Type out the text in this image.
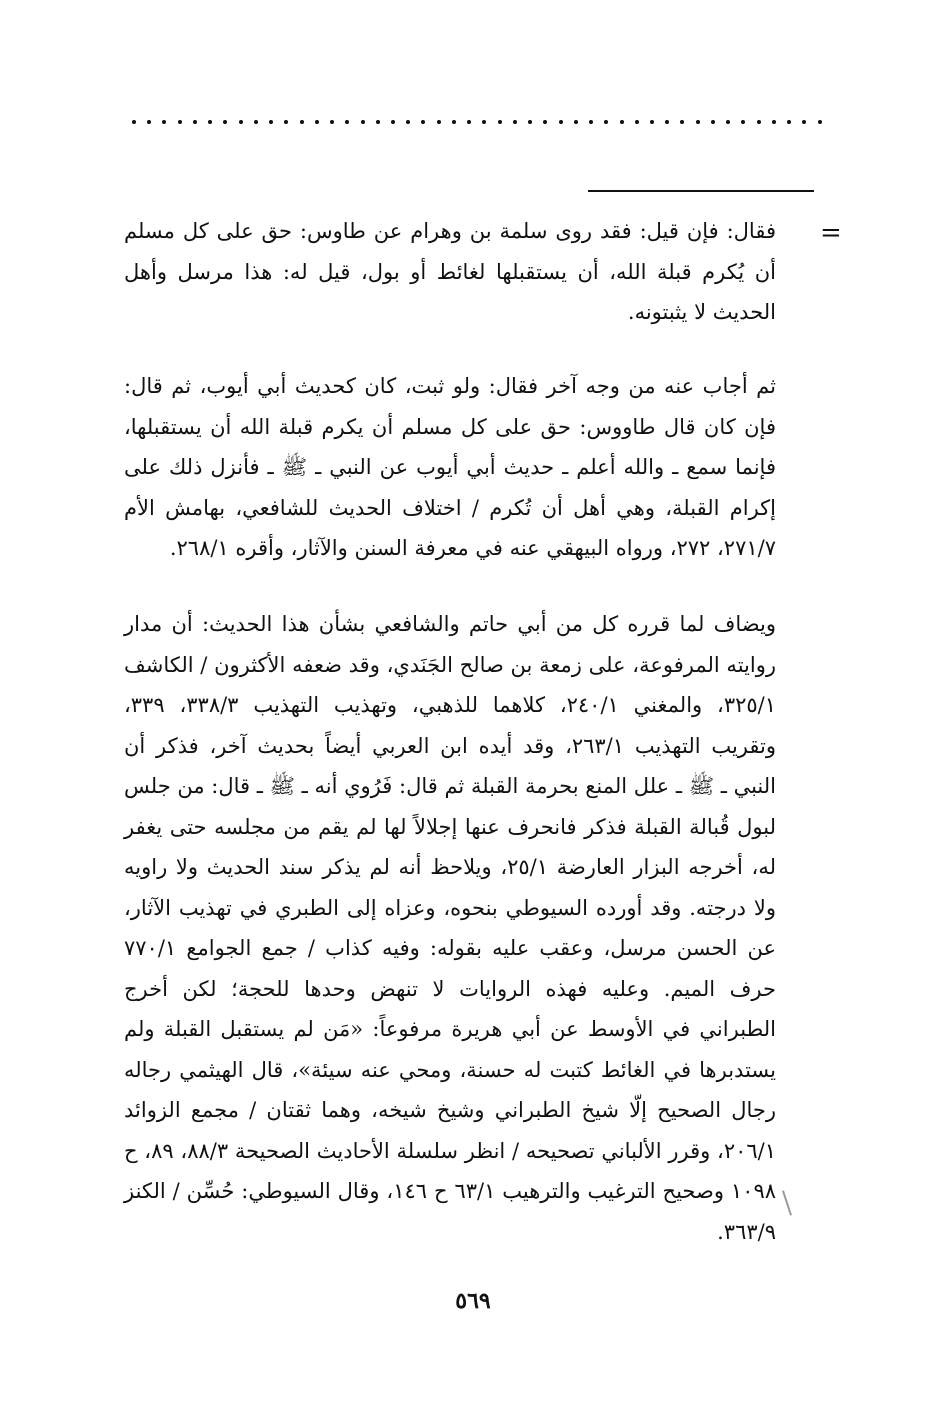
=

فقال: فإن قيل: فقد روى سلمة بن وهرام عن طاوس: حق على كل مسلم أن يُكرم قبلة الله، أن يستقبلها لغائط أو بول، قيل له: هذا مرسل وأهل الحديث لا يثبتونه.

ثم أجاب عنه من وجه آخر فقال: ولو ثبت، كان كحديث أبي أيوب، ثم قال: فإن كان قال طاووس: حق على كل مسلم أن يكرم قبلة الله أن يستقبلها، فإنما سمع ـ والله أعلم ـ حديث أبي أيوب عن النبي ـ ﷺ ـ فأنزل ذلك على إكرام القبلة، وهي أهل أن تُكرم / اختلاف الحديث للشافعي، بهامش الأم ٢٧١/٧، ٢٧٢، ورواه البيهقي عنه في معرفة السنن والآثار، وأقره ٢٦٨/١.

ويضاف لما قرره كل من أبي حاتم والشافعي بشأن هذا الحديث: أن مدار روايته المرفوعة، على زمعة بن صالح الجَنَدي، وقد ضعفه الأكثرون / الكاشف ٣٢٥/١، والمغني ٢٤٠/١، كلاهما للذهبي، وتهذيب التهذيب ٣٣٨/٣، ٣٣٩، وتقريب التهذيب ٢٦٣/١، وقد أيده ابن العربي أيضاً بحديث آخر، فذكر أن النبي ـ ﷺ ـ علل المنع بحرمة القبلة ثم قال: فَرُوي أنه ـ ﷺ ـ قال: من جلس لبول قُبالة القبلة فذكر فانحرف عنها إجلالاً لها لم يقم من مجلسه حتى يغفر له، أخرجه البزار العارضة ٢٥/١، ويلاحظ أنه لم يذكر سند الحديث ولا راويه ولا درجته. وقد أورده السيوطي بنحوه، وعزاه إلى الطبري في تهذيب الآثار، عن الحسن مرسل، وعقب عليه بقوله: وفيه كذاب / جمع الجوامع ٧٧٠/١ حرف الميم. وعليه فهذه الروايات لا تنهض وحدها للحجة؛ لكن أخرج الطبراني في الأوسط عن أبي هريرة مرفوعاً: «مَن لم يستقبل القبلة ولم يستدبرها في الغائط كتبت له حسنة، ومحي عنه سيئة»، قال الهيثمي رجاله رجال الصحيح إلّا شيخ الطبراني وشيخ شيخه، وهما ثقتان / مجمع الزوائد ٢٠٦/١، وقرر الألباني تصحيحه / انظر سلسلة الأحاديث الصحيحة ٨٨/٣، ٨٩، ح ١٠٩٨ وصحيح الترغيب والترهيب ٦٣/١ ح ١٤٦، وقال السيوطي: حُسِّن / الكنز ٣٦٣/٩.

٥٦٩
